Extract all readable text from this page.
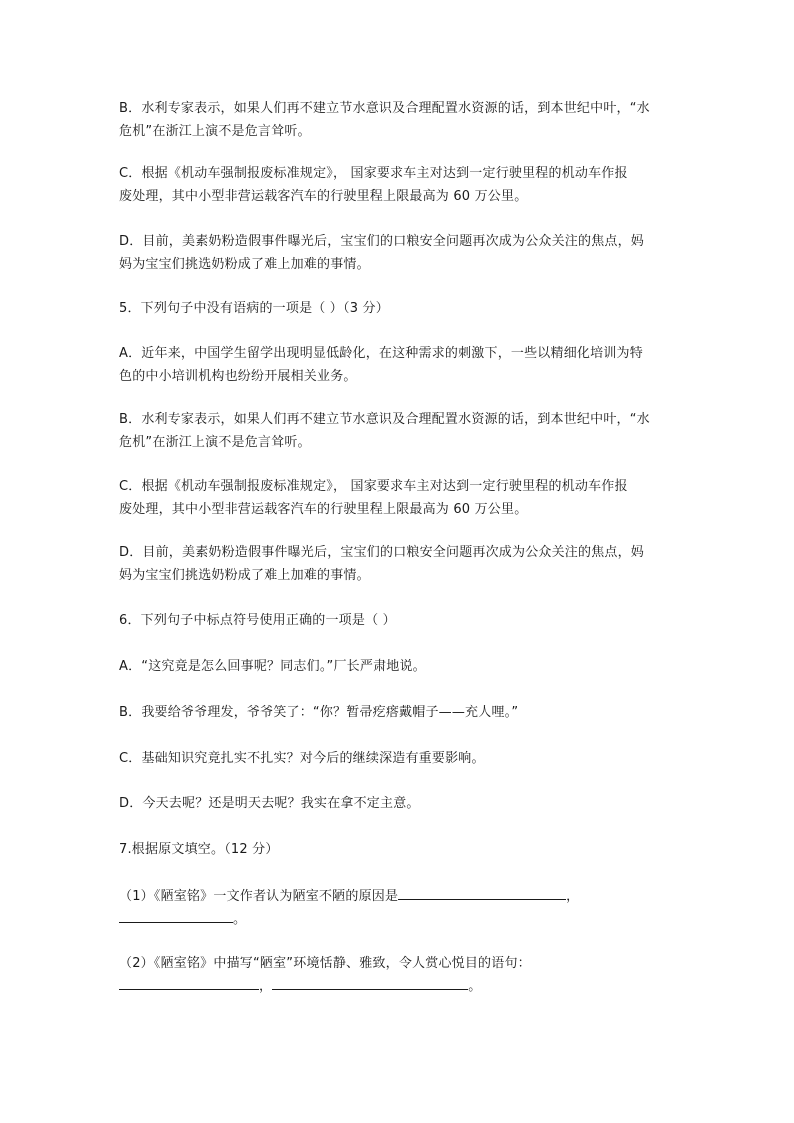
B．水利专家表示，如果人们再不建立节水意识及合理配置水资源的话，到本世纪中叶，“水
危机”在浙江上演不是危言耸听。

C．根据《机动车强制报废标准规定》， 国家要求车主对达到一定行驶里程的机动车作报
废处理，其中小型非营运载客汽车的行驶里程上限最高为 60 万公里。

D．目前，美素奶粉造假事件曝光后，宝宝们的口粮安全问题再次成为公众关注的焦点，妈
妈为宝宝们挑选奶粉成了难上加难的事情。

5．下列句子中没有语病的一项是（ ）（3 分）

A．近年来，中国学生留学出现明显低龄化，在这种需求的刺激下，一些以精细化培训为特
色的中小培训机构也纷纷开展相关业务。

B．水利专家表示，如果人们再不建立节水意识及合理配置水资源的话，到本世纪中叶，“水
危机”在浙江上演不是危言耸听。

C．根据《机动车强制报废标准规定》， 国家要求车主对达到一定行驶里程的机动车作报
废处理，其中小型非营运载客汽车的行驶里程上限最高为 60 万公里。

D．目前，美素奶粉造假事件曝光后，宝宝们的口粮安全问题再次成为公众关注的焦点，妈
妈为宝宝们挑选奶粉成了难上加难的事情。

6．下列句子中标点符号使用正确的一项是（ ）

A．“这究竟是怎么回事呢？同志们。”厂长严肃地说。

B．我要给爷爷理发，爷爷笑了：“你？暂帚疙瘩戴帽子——充人哩。”

C．基础知识究竟扎实不扎实？对今后的继续深造有重要影响。

D．今天去呢？还是明天去呢？我实在拿不定主意。

7.根据原文填空。（12 分）

（1）《陋室铭》一文作者认为陋室不陋的原因是	，
。

（2）《陋室铭》中描写“陋室”环境恬静、雅致，令人赏心悦目的语句：
，	。
